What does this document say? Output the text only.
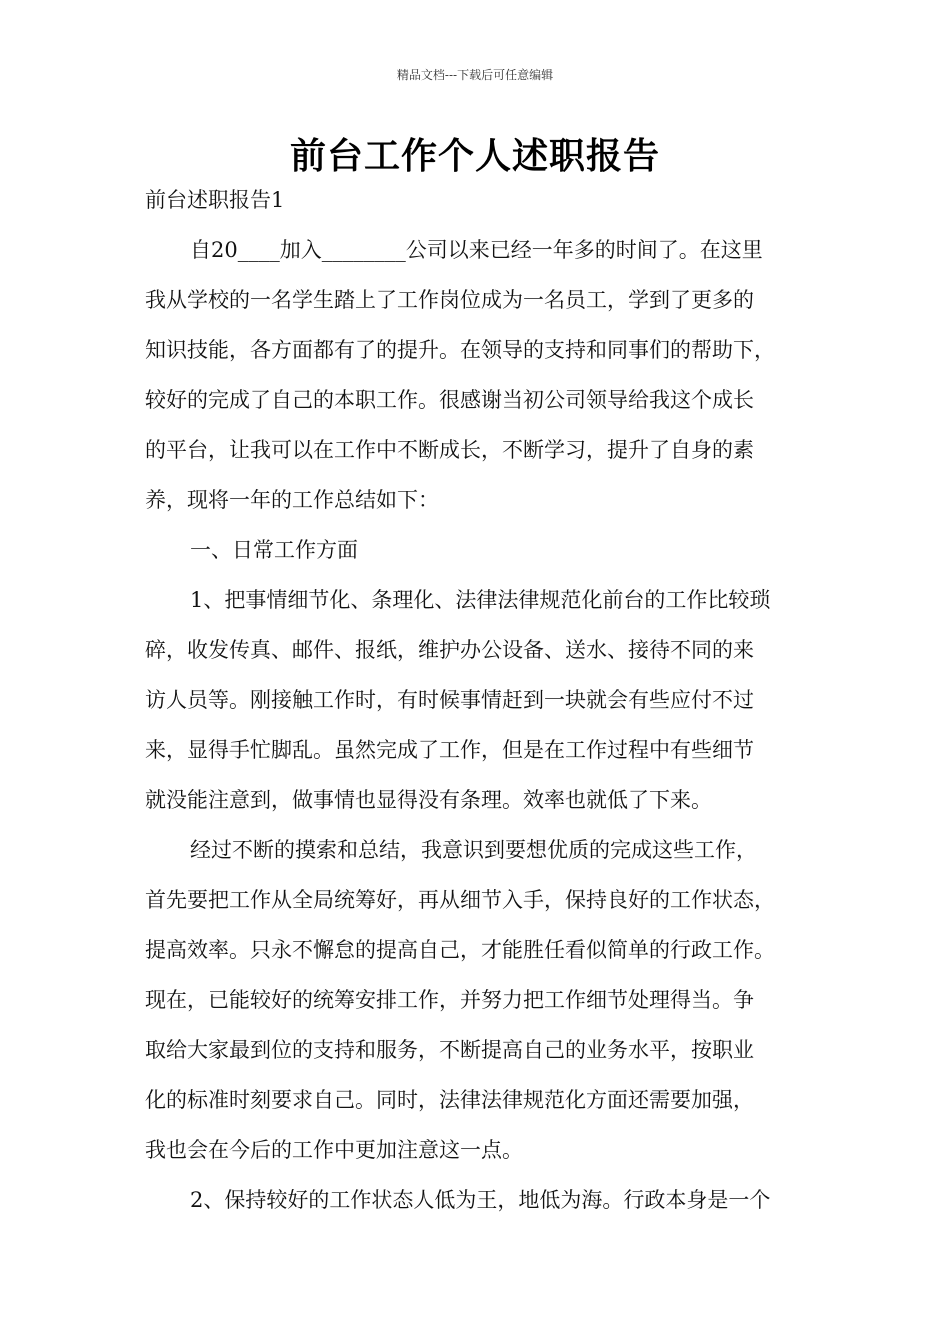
精品文档---下载后可任意编辑
前台工作个人述职报告
前台述职报告1
自20____加入________公司以来已经一年多的时间了。在这里
我从学校的一名学生踏上了工作岗位成为一名员工，学到了更多的
知识技能，各方面都有了的提升。在领导的支持和同事们的帮助下，
较好的完成了自己的本职工作。很感谢当初公司领导给我这个成长
的平台，让我可以在工作中不断成长，不断学习，提升了自身的素
养，现将一年的工作总结如下：
一、日常工作方面
1、把事情细节化、条理化、法律法律规范化前台的工作比较琐
碎，收发传真、邮件、报纸，维护办公设备、送水、接待不同的来
访人员等。刚接触工作时，有时候事情赶到一块就会有些应付不过
来，显得手忙脚乱。虽然完成了工作，但是在工作过程中有些细节
就没能注意到，做事情也显得没有条理。效率也就低了下来。
经过不断的摸索和总结，我意识到要想优质的完成这些工作，
首先要把工作从全局统筹好，再从细节入手，保持良好的工作状态，
提高效率。只永不懈怠的提高自己，才能胜任看似简单的行政工作。
现在，已能较好的统筹安排工作，并努力把工作细节处理得当。争
取给大家最到位的支持和服务，不断提高自己的业务水平，按职业
化的标准时刻要求自己。同时，法律法律规范化方面还需要加强，
我也会在今后的工作中更加注意这一点。
2、保持较好的工作状态人低为王，地低为海。行政本身是一个
